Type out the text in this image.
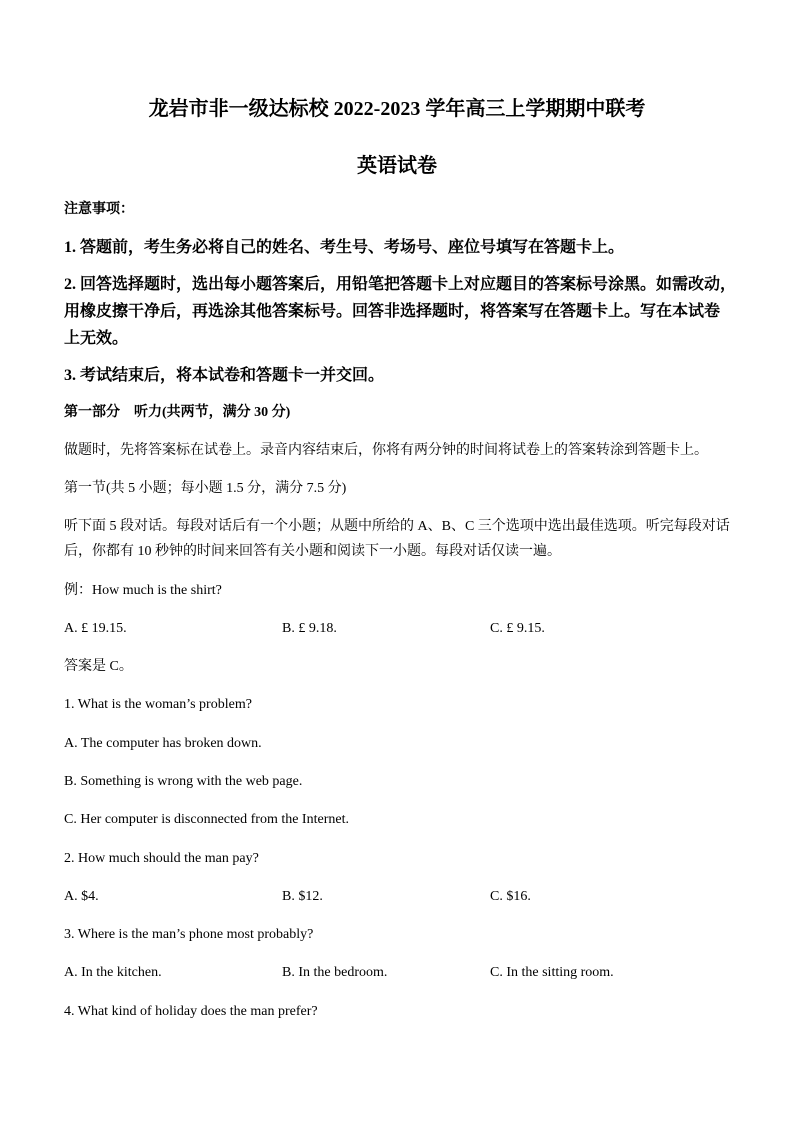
龙岩市非一级达标校 2022-2023 学年高三上学期期中联考
英语试卷
注意事项：
1. 答题前，考生务必将自己的姓名、考生号、考场号、座位号填写在答题卡上。
2. 回答选择题时，选出每小题答案后，用铅笔把答题卡上对应题目的答案标号涂黑。如需改动，
用橡皮擦干净后，再选涂其他答案标号。回答非选择题时，将答案写在答题卡上。写在本试卷
上无效。
3. 考试结束后，将本试卷和答题卡一并交回。
第一部分　听力(共两节，满分 30 分)
做题时，先将答案标在试卷上。录音内容结束后，你将有两分钟的时间将试卷上的答案转涂到答题卡上。
第一节(共 5 小题；每小题 1.5 分，满分 7.5 分)
听下面 5 段对话。每段对话后有一个小题；从题中所给的 A、B、C 三个选项中选出最佳选项。听完每段对话
后，你都有 10 秒钟的时间来回答有关小题和阅读下一小题。每段对话仅读一遍。
例：How much is the shirt?
A. £ 19.15.	B. £ 9.18.	C. £ 9.15.
答案是 C。
1. What is the woman’s problem?
A. The computer has broken down.
B. Something is wrong with the web page.
C. Her computer is disconnected from the Internet.
2. How much should the man pay?
A. $4.	B. $12.	C. $16.
3. Where is the man’s phone most probably?
A. In the kitchen.	B. In the bedroom.	C. In the sitting room.
4. What kind of holiday does the man prefer?
